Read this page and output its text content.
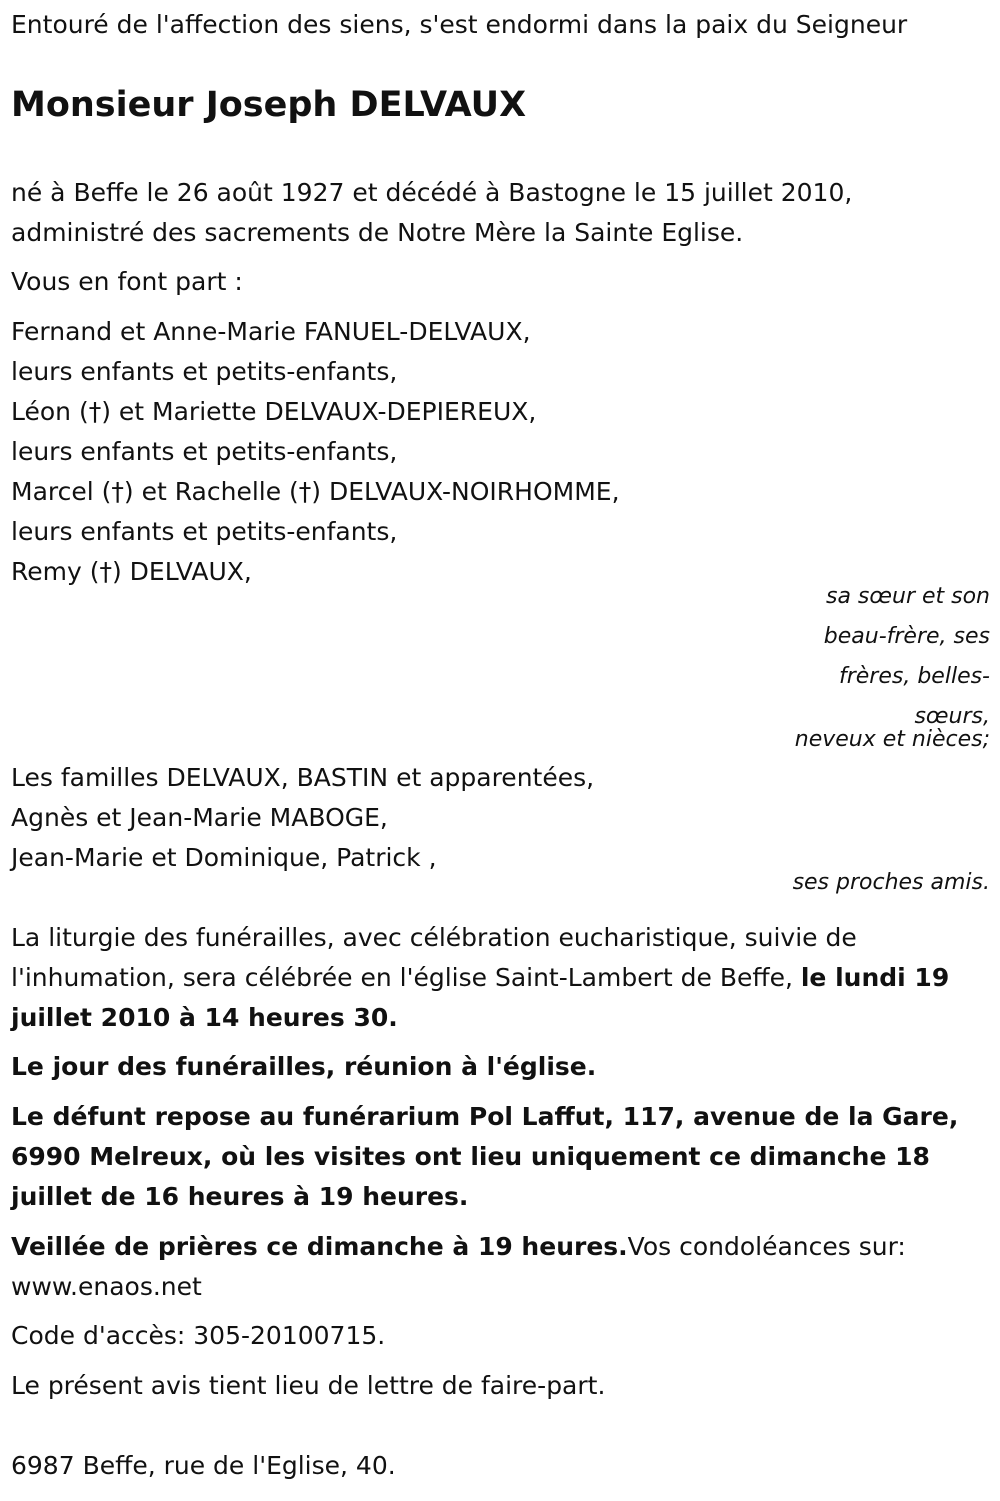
Entouré de l'affection des siens, s'est endormi dans la paix du Seigneur
Monsieur Joseph DELVAUX
né à Beffe le 26 août 1927 et décédé à Bastogne le 15 juillet 2010,
administré des sacrements de Notre Mère la Sainte Eglise.
Vous en font part :
Fernand et Anne-Marie FANUEL-DELVAUX,
leurs enfants et petits-enfants,
Léon (†) et Mariette DELVAUX-DEPIEREUX,
leurs enfants et petits-enfants,
Marcel (†) et Rachelle (†) DELVAUX-NOIRHOMME,
leurs enfants et petits-enfants,
Remy (†) DELVAUX,
sa sœur et son
beau-frère, ses
frères, belles-
sœurs,
neveux et nièces;
Les familles DELVAUX, BASTIN et apparentées,
Agnès et Jean-Marie MABOGE,
Jean-Marie et Dominique, Patrick ,
ses proches amis.
La liturgie des funérailles, avec célébration eucharistique, suivie de
l'inhumation, sera célébrée en l'église Saint-Lambert de Beffe, le lundi 19
juillet 2010 à 14 heures 30.
Le jour des funérailles, réunion à l'église.
Le défunt repose au funérarium Pol Laffut, 117, avenue de la Gare,
6990 Melreux, où les visites ont lieu uniquement ce dimanche 18
juillet de 16 heures à 19 heures.
Veillée de prières ce dimanche à 19 heures.Vos condoléances sur:
www.enaos.net
Code d'accès: 305-20100715.
Le présent avis tient lieu de lettre de faire-part.
6987 Beffe, rue de l'Eglise, 40.
